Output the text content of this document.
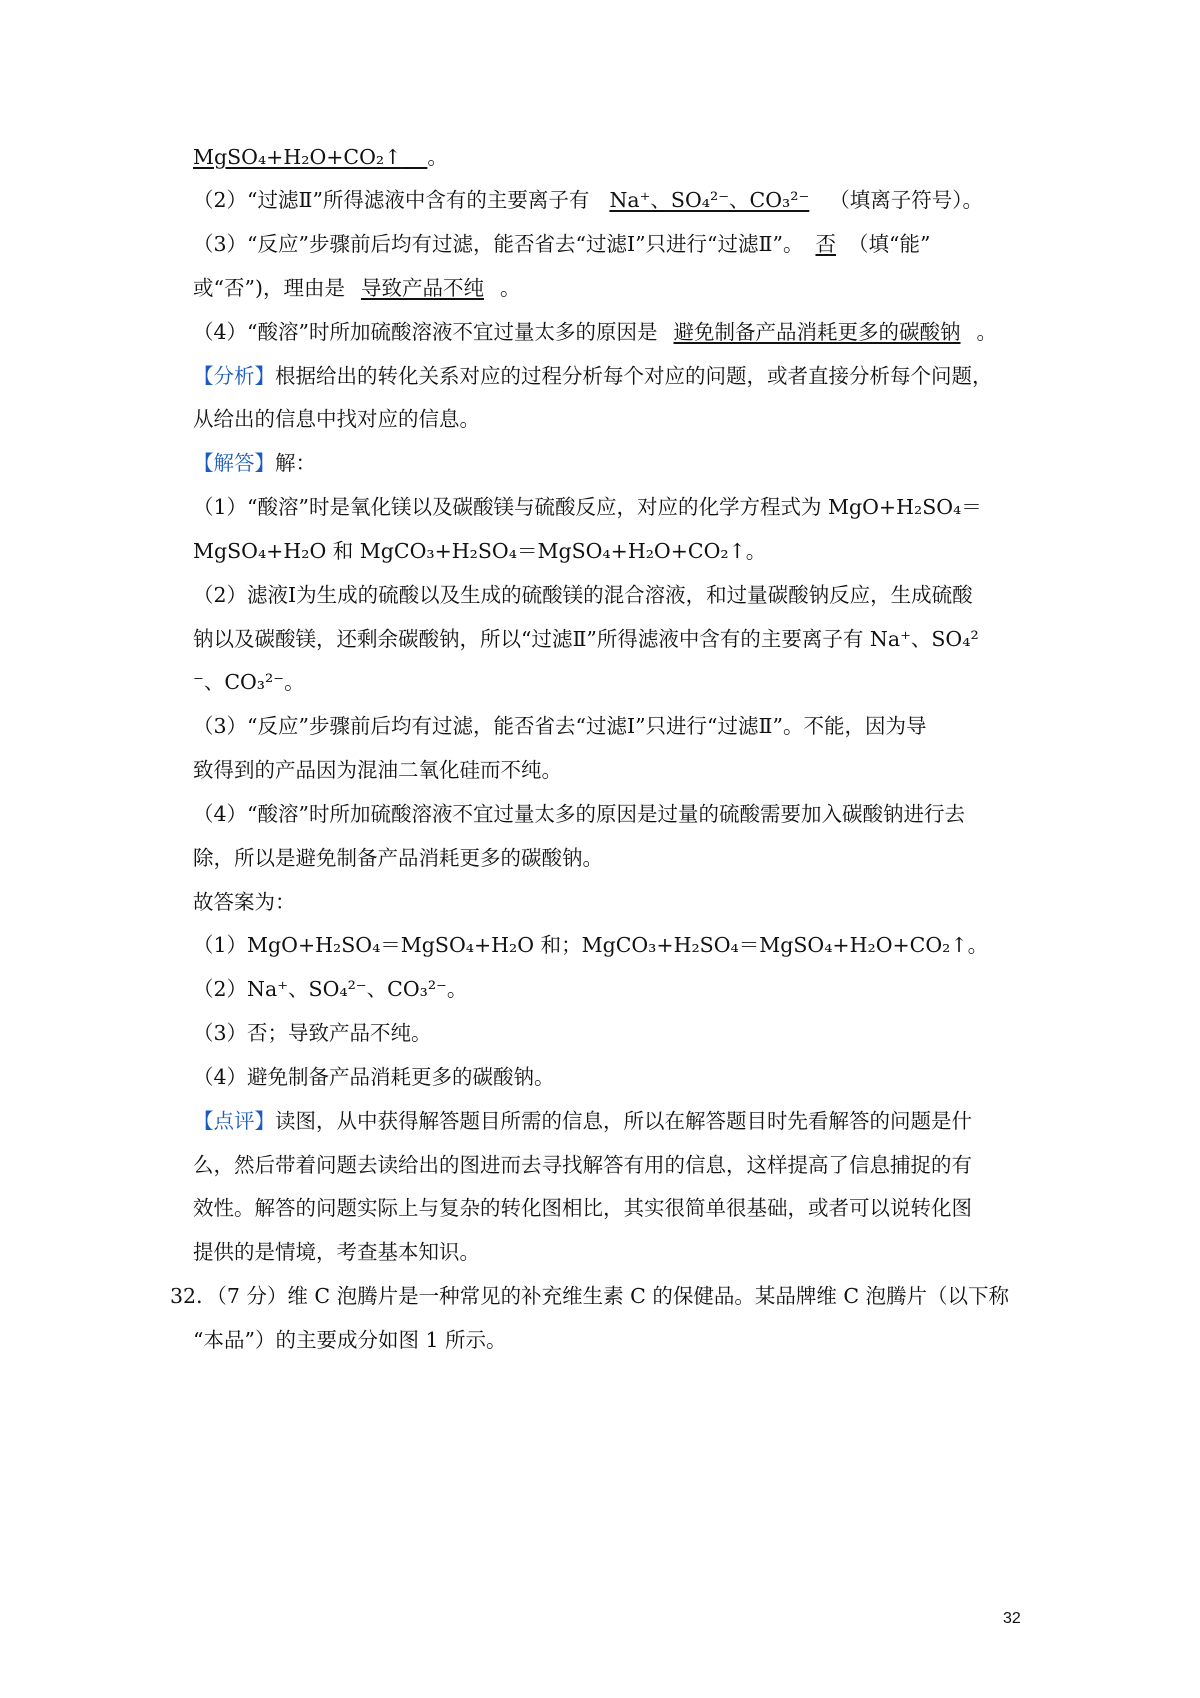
MgSO₄+H₂O+CO₂↑ 。
（2）“过滤Ⅱ”所得滤液中含有的主要离子有 Na⁺、SO₄²⁻、CO₃²⁻ （填离子符号）。
（3）“反应”步骤前后均有过滤，能否省去“过滤Ⅰ”只进行“过滤Ⅱ”。 否 （填“能”
或“否”)，理由是 导致产品不纯 。
（4）“酸溶”时所加硫酸溶液不宜过量太多的原因是 避免制备产品消耗更多的碳酸钠 。
【分析】根据给出的转化关系对应的过程分析每个对应的问题，或者直接分析每个问题，
从给出的信息中找对应的信息。
【解答】解：
（1）“酸溶”时是氧化镁以及碳酸镁与硫酸反应，对应的化学方程式为 MgO+H₂SO₄＝
MgSO₄+H₂O 和 MgCO₃+H₂SO₄＝MgSO₄+H₂O+CO₂↑。
（2）滤液Ⅰ为生成的硫酸以及生成的硫酸镁的混合溶液，和过量碳酸钠反应，生成硫酸
钠以及碳酸镁，还剩余碳酸钠，所以“过滤Ⅱ”所得滤液中含有的主要离子有 Na⁺、SO₄²
⁻、CO₃²⁻。
（3）“反应”步骤前后均有过滤，能否省去“过滤Ⅰ”只进行“过滤Ⅱ”。不能，因为导
致得到的产品因为混油二氧化硅而不纯。
（4）“酸溶”时所加硫酸溶液不宜过量太多的原因是过量的硫酸需要加入碳酸钠进行去
除，所以是避免制备产品消耗更多的碳酸钠。
故答案为：
（1）MgO+H₂SO₄＝MgSO₄+H₂O 和；MgCO₃+H₂SO₄＝MgSO₄+H₂O+CO₂↑。
（2）Na⁺、SO₄²⁻、CO₃²⁻。
（3）否；导致产品不纯。
（4）避免制备产品消耗更多的碳酸钠。
【点评】读图，从中获得解答题目所需的信息，所以在解答题目时先看解答的问题是什
么，然后带着问题去读给出的图进而去寻找解答有用的信息，这样提高了信息捕捉的有
效性。解答的问题实际上与复杂的转化图相比，其实很简单很基础，或者可以说转化图
提供的是情境，考查基本知识。
32．（7 分）维 C 泡腾片是一种常见的补充维生素 C 的保健品。某品牌维 C 泡腾片（以下称
“本品”）的主要成分如图 1 所示。
32
